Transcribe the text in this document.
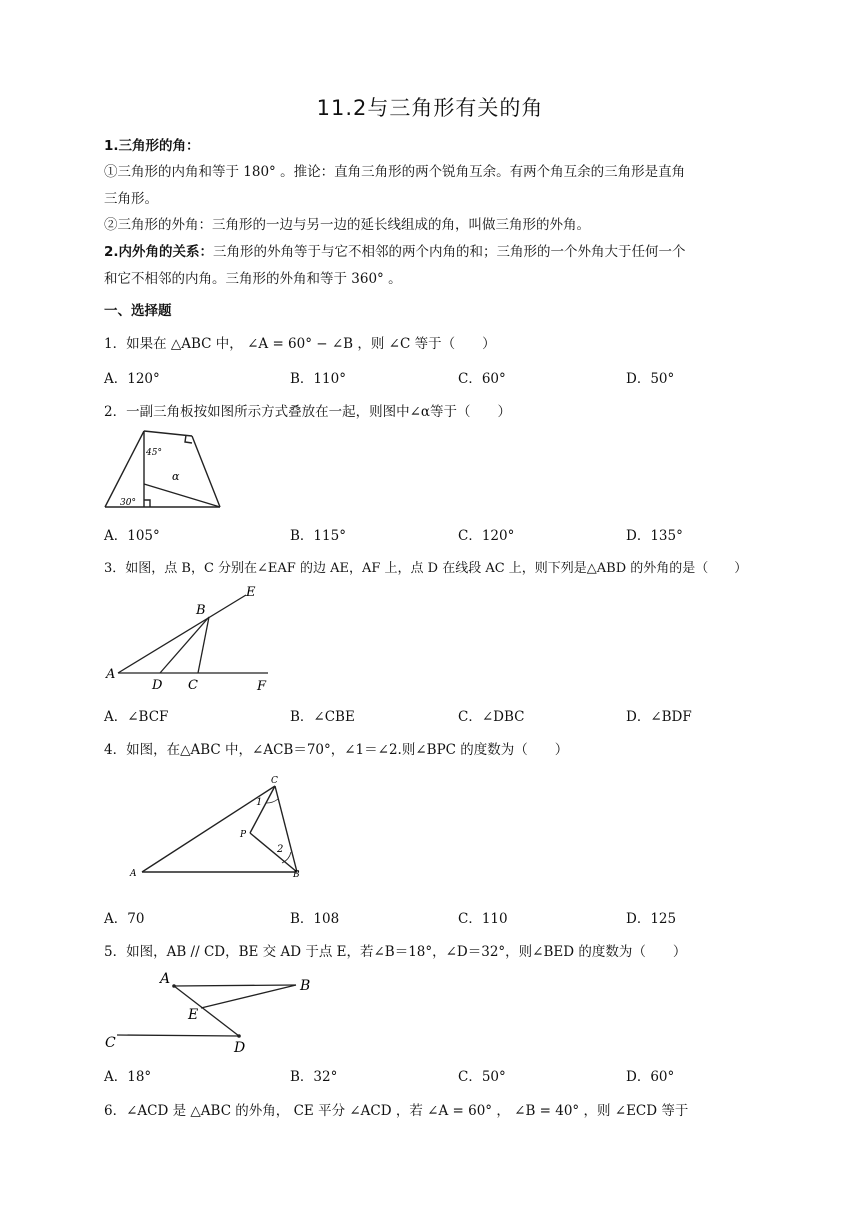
11.2与三角形有关的角
1.三角形的角：
①三角形的内角和等于 180° 。推论：直角三角形的两个锐角互余。有两个角互余的三角形是直角
三角形。
②三角形的外角：三角形的一边与另一边的延长线组成的角，叫做三角形的外角。
2.内外角的关系：三角形的外角等于与它不相邻的两个内角的和；三角形的一个外角大于任何一个
和它不相邻的内角。三角形的外角和等于 360° 。
一、选择题
1．如果在 △ABC 中， ∠A = 60° − ∠B ，则 ∠C 等于（　　）
A．120°	B．110°	C．60°	D．50°
2．一副三角板按如图所示方式叠放在一起，则图中∠α等于（　　）
45°
α
30°
A．105°	B．115°	C．120°	D．135°
3．如图，点 B，C 分别在∠EAF 的边 AE，AF 上，点 D 在线段 AC 上，则下列是△ABD 的外角的是（　　）
A
B
C
D
E
F
A．∠BCF	B．∠CBE	C．∠DBC	D．∠BDF
4．如图，在△ABC 中，∠ACB＝70°，∠1＝∠2.则∠BPC 的度数为（　　）
C
1
P
2
A	B
A．70	B．108	C．110	D．125
5．如图，AB // CD，BE 交 AD 于点 E，若∠B＝18°，∠D＝32°，则∠BED 的度数为（　　）
A	B
E
C	D
A．18°	B．32°	C．50°	D．60°
6．∠ACD 是 △ABC 的外角， CE 平分 ∠ACD ，若 ∠A = 60° ， ∠B = 40° ，则 ∠ECD 等于
